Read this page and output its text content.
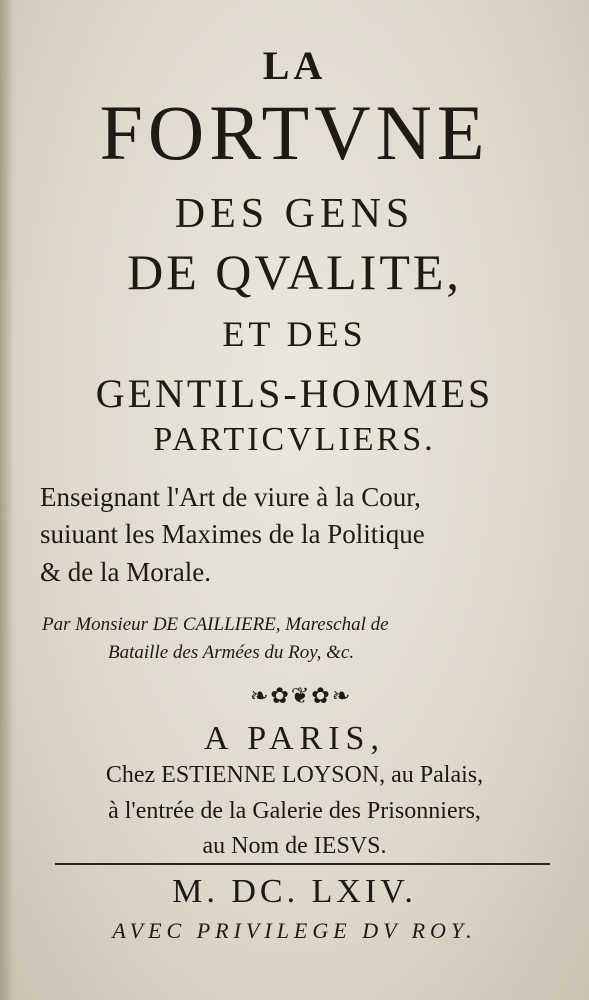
LA
FORTVNE
DES GENS
DE QVALITE,
ET DES
GENTILS-HOMMES
PARTICVLIERS.
Enseignant l'Art de viure à la Cour,
suiuant les Maximes de la Politique
& de la Morale.
Par Monsieur DE CAILLIERE, Mareschal de
Bataille des Armées du Roy, &c.
❧✿❦✿❧
A PARIS,
Chez ESTIENNE LOYSON, au Palais,
à l'entrée de la Galerie des Prisonniers,
au Nom de IESVS.
M. DC. LXIV.
AVEC PRIVILEGE DV ROY.
